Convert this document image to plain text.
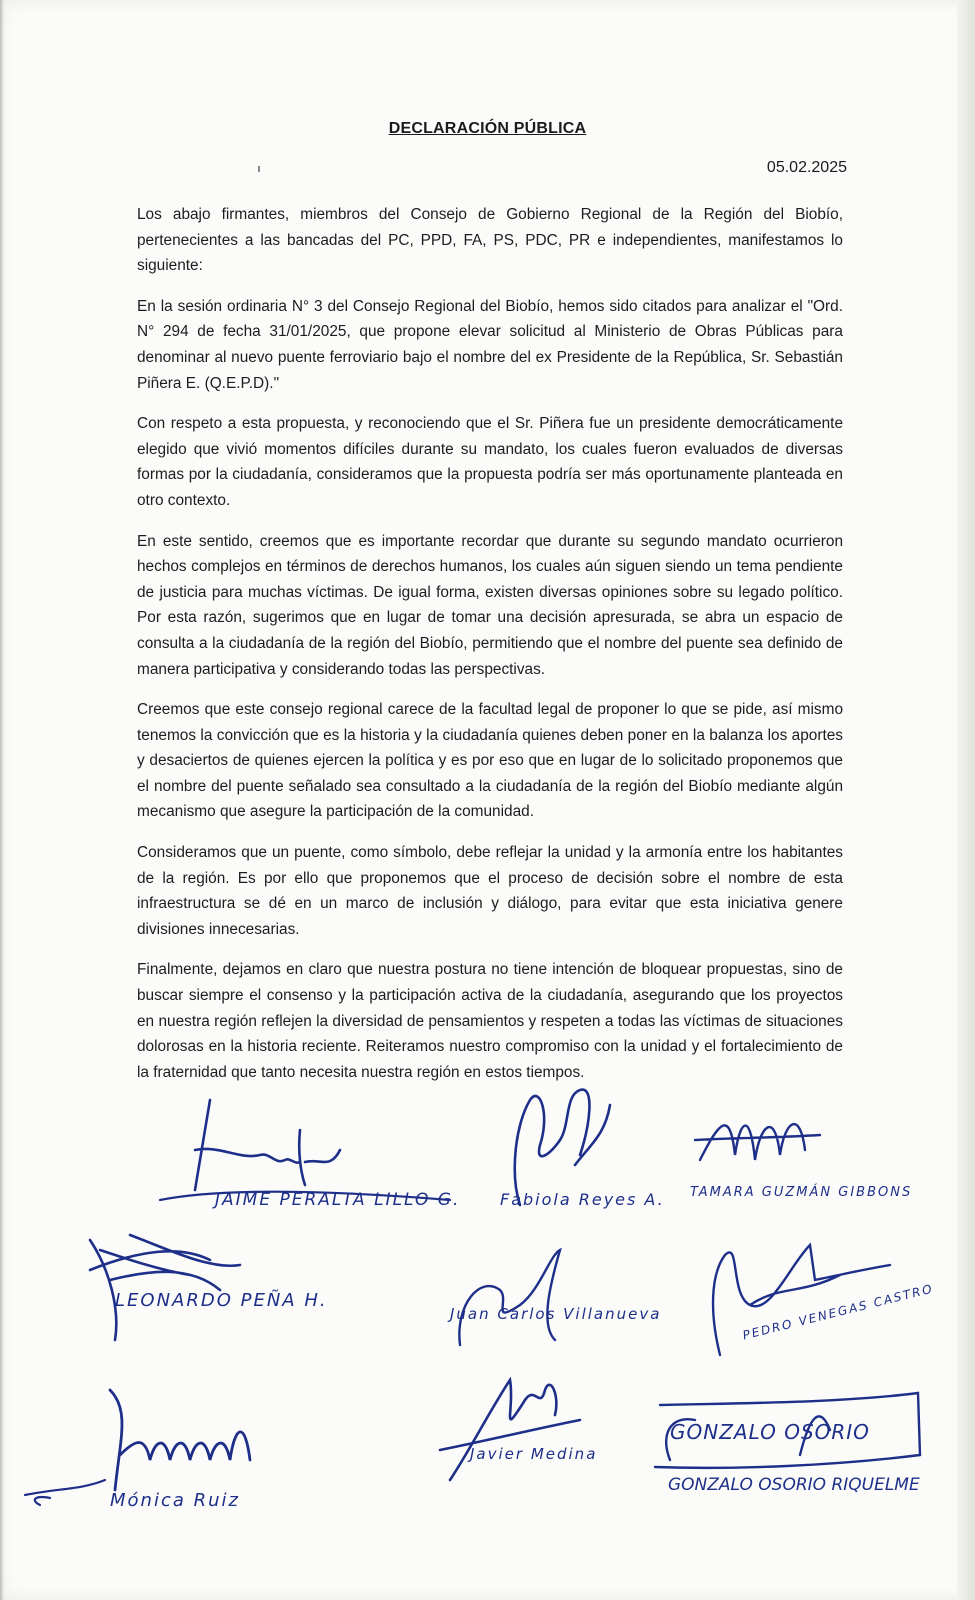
DECLARACIÓN PÚBLICA
05.02.2025

Los abajo firmantes, miembros del Consejo de Gobierno Regional de la Región del Biobío, pertenecientes a las bancadas del PC, PPD, FA, PS, PDC, PR e independientes, manifestamos lo siguiente:

En la sesión ordinaria N° 3 del Consejo Regional del Biobío, hemos sido citados para analizar el "Ord. N° 294 de fecha 31/01/2025, que propone elevar solicitud al Ministerio de Obras Públicas para denominar al nuevo puente ferroviario bajo el nombre del ex Presidente de la República, Sr. Sebastián Piñera E. (Q.E.P.D)."

Con respeto a esta propuesta, y reconociendo que el Sr. Piñera fue un presidente democráticamente elegido que vivió momentos difíciles durante su mandato, los cuales fueron evaluados de diversas formas por la ciudadanía, consideramos que la propuesta podría ser más oportunamente planteada en otro contexto.

En este sentido, creemos que es importante recordar que durante su segundo mandato ocurrieron hechos complejos en términos de derechos humanos, los cuales aún siguen siendo un tema pendiente de justicia para muchas víctimas. De igual forma, existen diversas opiniones sobre su legado político. Por esta razón, sugerimos que en lugar de tomar una decisión apresurada, se abra un espacio de consulta a la ciudadanía de la región del Biobío, permitiendo que el nombre del puente sea definido de manera participativa y considerando todas las perspectivas.

Creemos que este consejo regional carece de la facultad legal de proponer lo que se pide, así mismo tenemos la convicción que es la historia y la ciudadanía quienes deben poner en la balanza los aportes y desaciertos de quienes ejercen la política y es por eso que en lugar de lo solicitado proponemos que el nombre del puente señalado sea consultado a la ciudadanía de la región del Biobío mediante algún mecanismo que asegure la participación de la comunidad.

Consideramos que un puente, como símbolo, debe reflejar la unidad y la armonía entre los habitantes de la región. Es por ello que proponemos que el proceso de decisión sobre el nombre de esta infraestructura se dé en un marco de inclusión y diálogo, para evitar que esta iniciativa genere divisiones innecesarias.

Finalmente, dejamos en claro que nuestra postura no tiene intención de bloquear propuestas, sino de buscar siempre el consenso y la participación activa de la ciudadanía, asegurando que los proyectos en nuestra región reflejen la diversidad de pensamientos y respeten a todas las víctimas de situaciones dolorosas en la historia reciente. Reiteramos nuestro compromiso con la unidad y el fortalecimiento de la fraternidad que tanto necesita nuestra región en estos tiempos.

JAIME PERALTA LILLO G. Fabiola Reyes A. TAMARA GUZMÁN GIBBONS
LEONARDO PEÑA H.
Juan Carlos Villanueva	PEDRO VENEGAS CASTRO
Javier Medina
GONZALO OSORIO
GONZALO OSORIO RIQUELME
Mónica Ruiz
